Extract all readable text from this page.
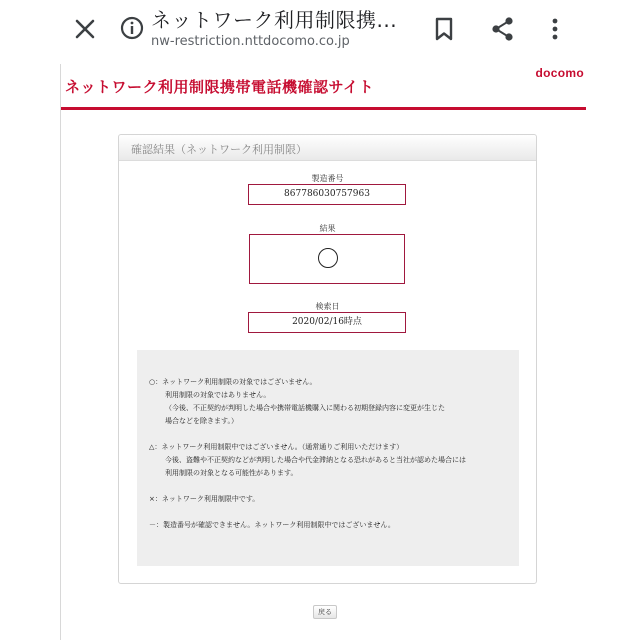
ネットワーク利用制限携...
nw-restriction.nttdocomo.co.jp
ネットワーク利用制限携帯電話機確認サイト
docomo
確認結果（ネットワーク利用制限）
製造番号
867786030757963
結果
検索日
2020/02/16時点

○：ネットワーク利用制限の対象ではございません。

利用制限の対象ではありません。

（今後、不正契約が判明した場合や携帯電話機購入に関わる初期登録内容に変更が生じた

場合などを除きます。）

△：ネットワーク利用制限中ではございません。（通常通りご利用いただけます）

今後、盗難や不正契約などが判明した場合や代金滞納となる恐れがあると当社が認めた場合には

利用制限の対象となる可能性があります。

×：ネットワーク利用制限中です。

－：製造番号が確認できません。ネットワーク利用制限中ではございません。

戻る
